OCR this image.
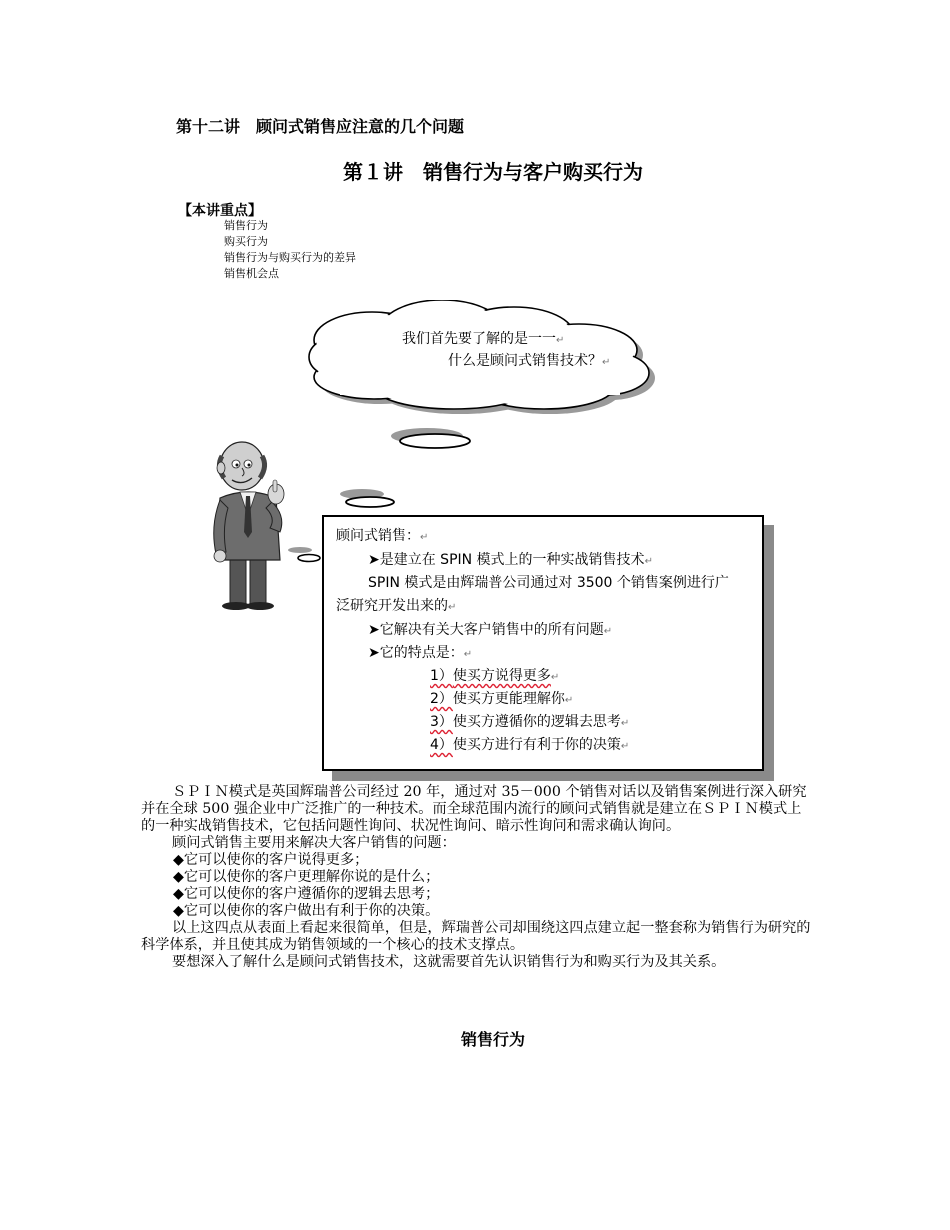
第十二讲　顾问式销售应注意的几个问题
第１讲　销售行为与客户购买行为
【本讲重点】
销售行为
购买行为
销售行为与购买行为的差异
销售机会点
我们首先要了解的是一一↵
什么是顾问式销售技术？↵
顾问式销售：↵
➤是建立在 SPIN 模式上的一种实战销售技术↵
SPIN 模式是由辉瑞普公司通过对 3500 个销售案例进行广
泛研究开发出来的↵
➤它解决有关大客户销售中的所有问题↵
➤它的特点是：↵
1）使买方说得更多↵
2）使买方更能理解你↵
3）使买方遵循你的逻辑去思考↵
4）使买方进行有利于你的决策↵

ＳＰＩＮ模式是英国辉瑞普公司经过 20 年，通过对 35－000 个销售对话以及销售案例进行深入研究并在全球 500 强企业中广泛推广的一种技术。而全球范围内流行的顾问式销售就是建立在ＳＰＩＮ模式上的一种实战销售技术，它包括问题性询问、状况性询问、暗示性询问和需求确认询问。

顾问式销售主要用来解决大客户销售的问题：

◆它可以使你的客户说得更多；

◆它可以使你的客户更理解你说的是什么；

◆它可以使你的客户遵循你的逻辑去思考；

◆它可以使你的客户做出有利于你的决策。

以上这四点从表面上看起来很简单，但是，辉瑞普公司却围绕这四点建立起一整套称为销售行为研究的科学体系，并且使其成为销售领域的一个核心的技术支撑点。

要想深入了解什么是顾问式销售技术，这就需要首先认识销售行为和购买行为及其关系。

销售行为
